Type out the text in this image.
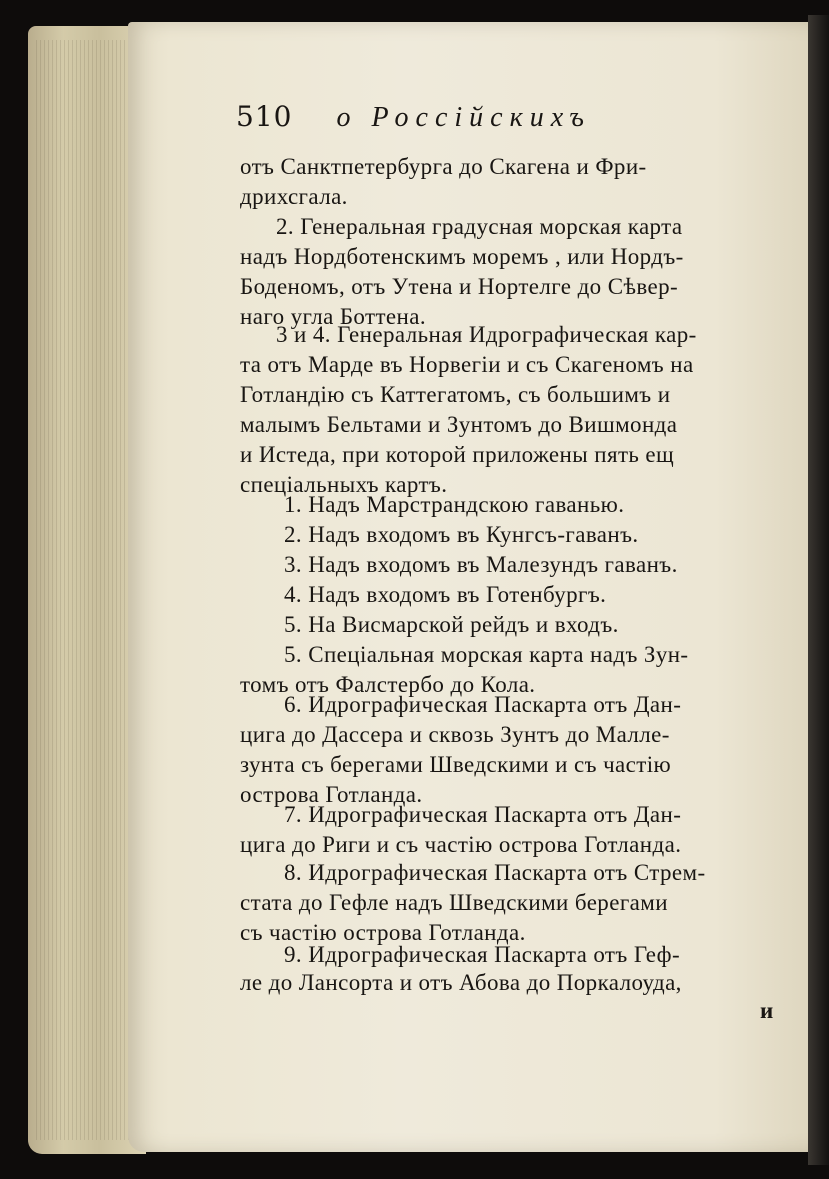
510 о Россійскихъ
отъ Санктпетербурга до Скагена и Фри-
дрихсгала.
2. Генеральная градусная морская карта
надъ Нордботенскимъ моремъ , или Нордъ-
Боденомъ, отъ Утена и Нортелге до Сѣвер-
наго угла Боттена.
3 и 4. Генеральная Идрографическая кар-
та отъ Марде въ Норвегіи и съ Скагеномъ на
Готландію съ Каттегатомъ, съ большимъ и
малымъ Бельтами и Зунтомъ до Вишмонда
и Истеда, при которой приложены пять ещ
спеціальныхъ картъ.
1. Надъ Марстрандскою гаванью.
2. Надъ входомъ въ Кунгсъ-гаванъ.
3. Надъ входомъ въ Малезундъ гаванъ.
4. Надъ входомъ въ Готенбургъ.
5. На Висмарской рейдъ и входъ.
5. Спеціальная морская карта надъ Зун-
томъ отъ Фалстербо до Кола.
6. Идрографическая Паскарта отъ Дан-
цига до Дассера и сквозь Зунтъ до Малле-
зунта съ берегами Шведскими и съ частію
острова Готланда.
7. Идрографическая Паскарта отъ Дан-
цига до Риги и съ частію острова Готланда.
8. Идрографическая Паскарта отъ Стрем-
стата до Гефле надъ Шведскими берегами
съ частію острова Готланда.
9. Идрографическая Паскарта отъ Геф-
ле до Лансорта и отъ Абова до Поркалоуда,
и
